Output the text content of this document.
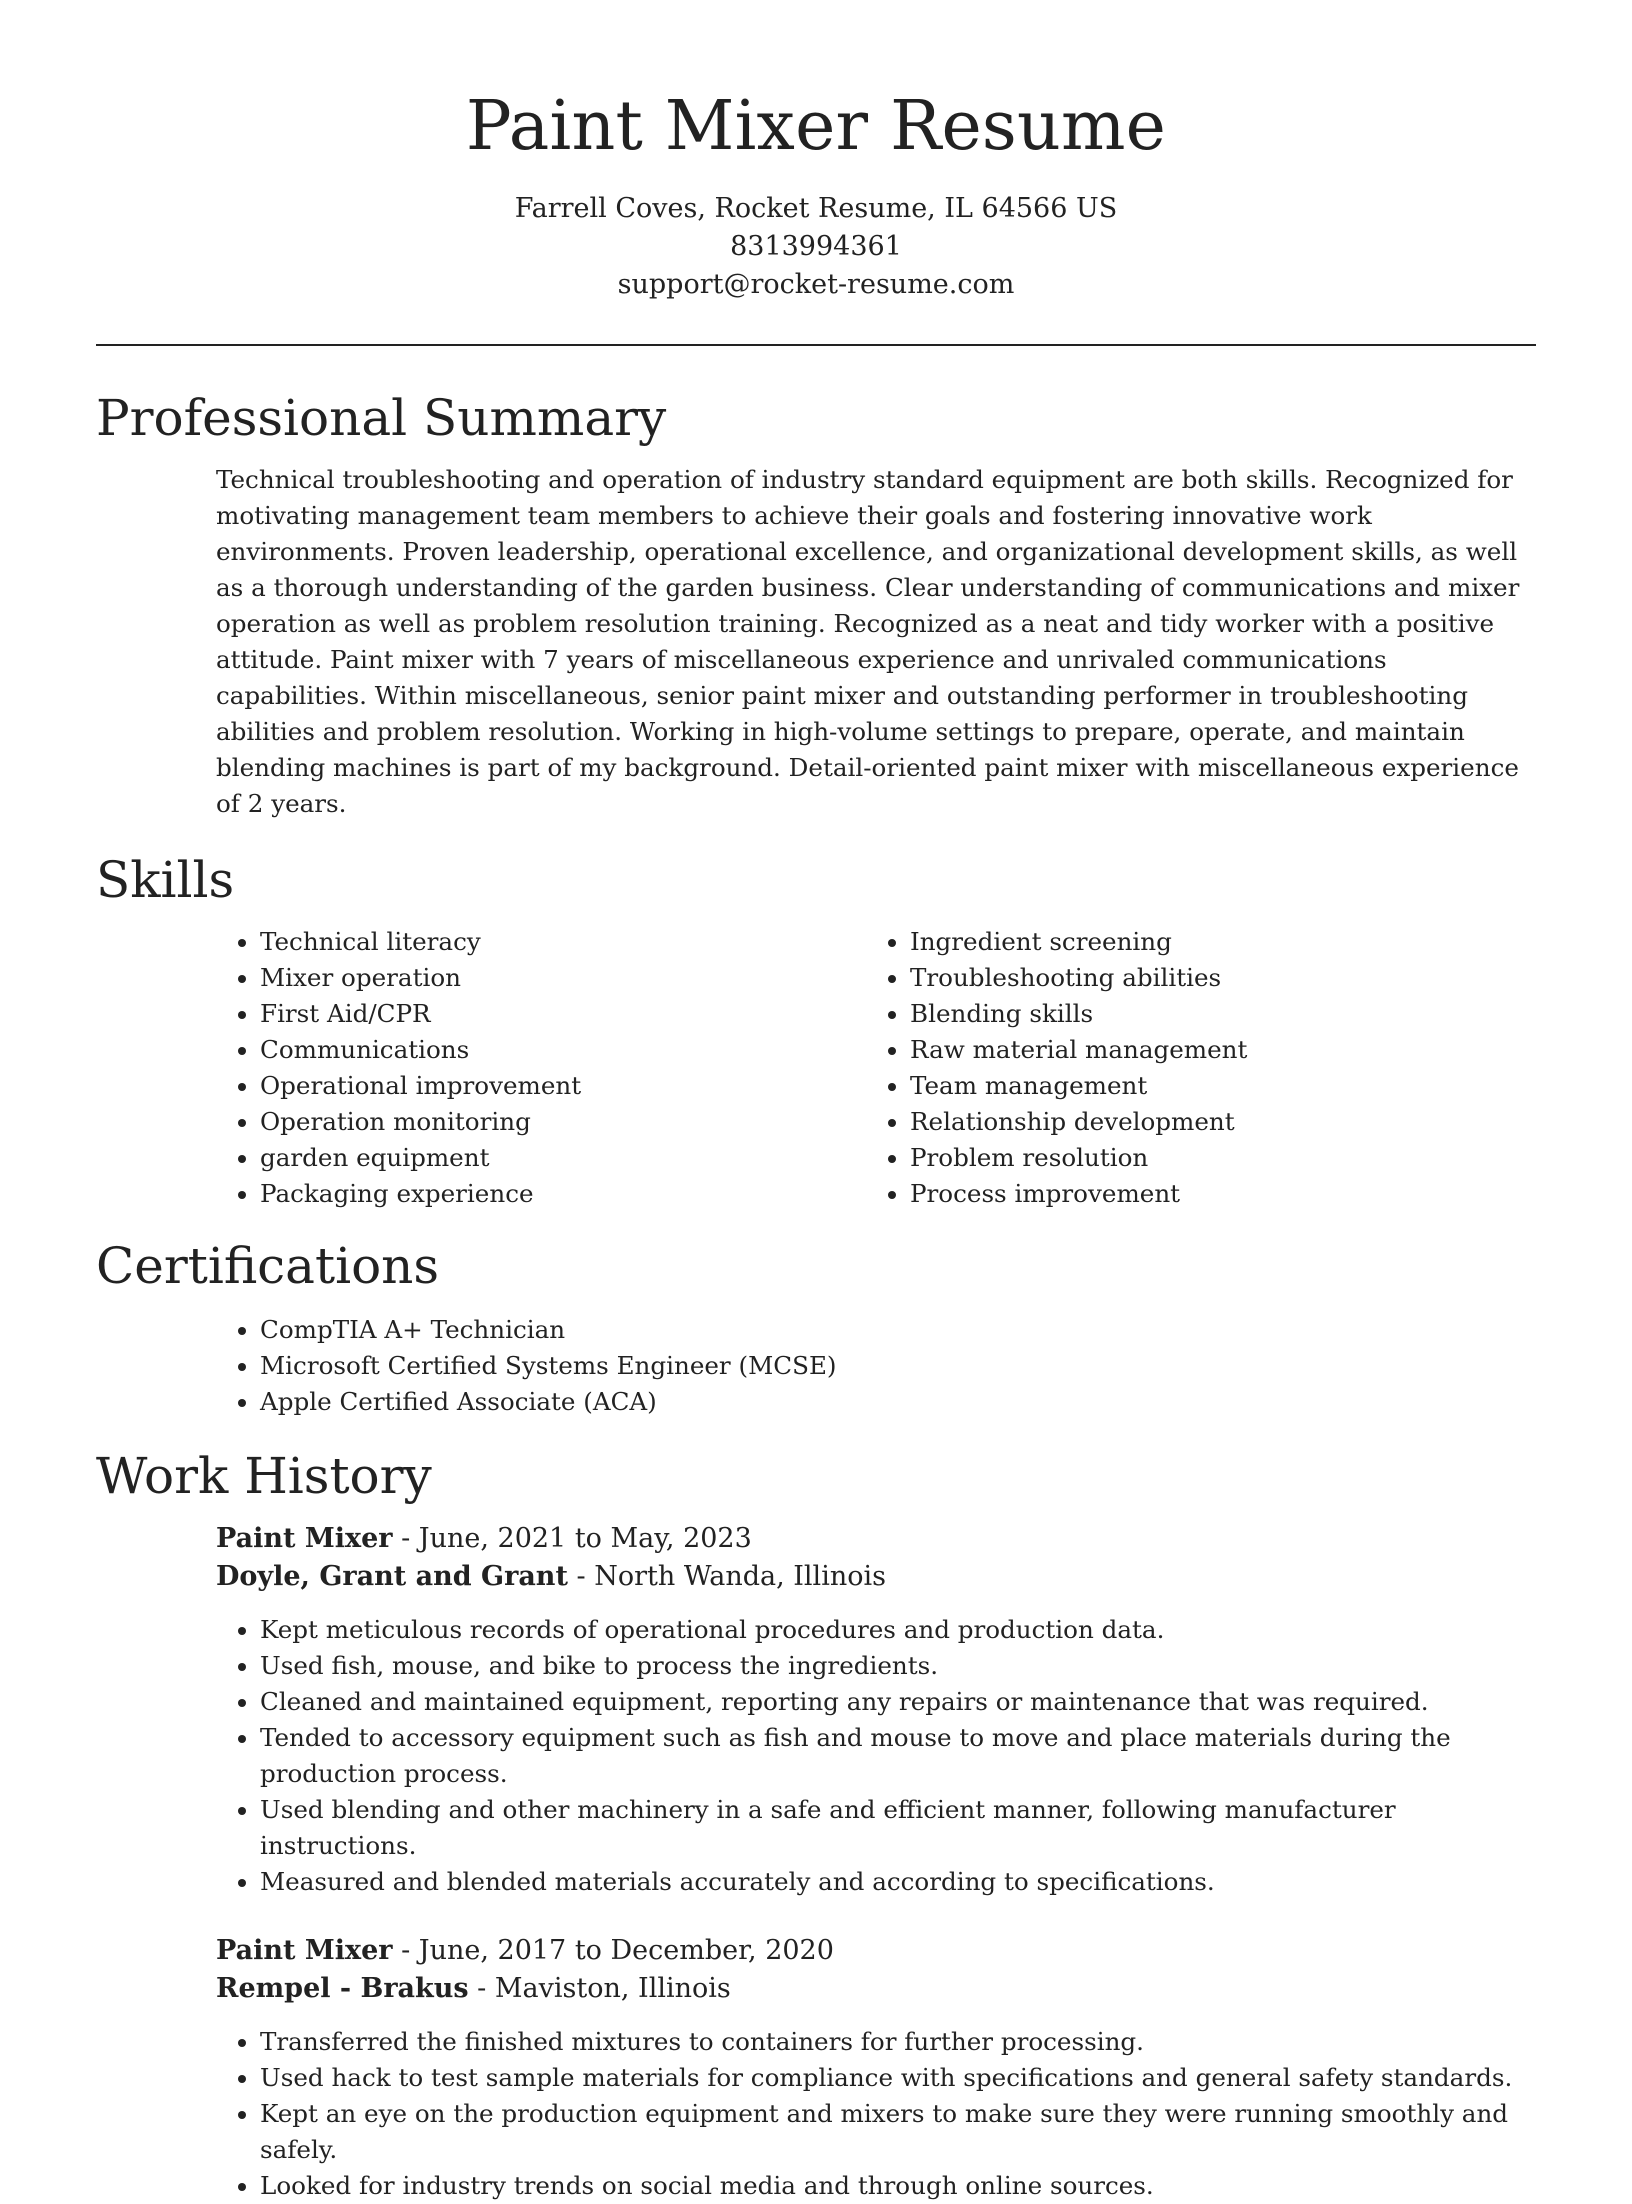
Paint Mixer Resume
Farrell Coves, Rocket Resume, IL 64566 US
8313994361
support@rocket-resume.com
Professional Summary

Technical troubleshooting and operation of industry standard equipment are both skills. Recognized for motivating management team members to achieve their goals and fostering innovative work environments. Proven leadership, operational excellence, and organizational development skills, as well as a thorough understanding of the garden business. Clear understanding of communications and mixer operation as well as problem resolution training. Recognized as a neat and tidy worker with a positive attitude. Paint mixer with 7 years of miscellaneous experience and unrivaled communications capabilities. Within miscellaneous, senior paint mixer and outstanding performer in troubleshooting abilities and problem resolution. Working in high-volume settings to prepare, operate, and maintain blending machines is part of my background. Detail-oriented paint mixer with miscellaneous experience of 2 years.

Skills
• Technical literacy
• Mixer operation
• First Aid/CPR
• Communications
• Operational improvement
• Operation monitoring
• garden equipment
• Packaging experience
• Ingredient screening
• Troubleshooting abilities
• Blending skills
• Raw material management
• Team management
• Relationship development
• Problem resolution
• Process improvement
Certifications
• CompTIA A+ Technician
• Microsoft Certified Systems Engineer (MCSE)
• Apple Certified Associate (ACA)
Work History
Paint Mixer - June, 2021 to May, 2023
Doyle, Grant and Grant - North Wanda, Illinois
• Kept meticulous records of operational procedures and production data.
• Used fish, mouse, and bike to process the ingredients.
• Cleaned and maintained equipment, reporting any repairs or maintenance that was required.
• Tended to accessory equipment such as fish and mouse to move and place materials during the production process.
• Used blending and other machinery in a safe and efficient manner, following manufacturer instructions.
• Measured and blended materials accurately and according to specifications.
Paint Mixer - June, 2017 to December, 2020
Rempel - Brakus - Maviston, Illinois
• Transferred the finished mixtures to containers for further processing.
• Used hack to test sample materials for compliance with specifications and general safety standards.
• Kept an eye on the production equipment and mixers to make sure they were running smoothly and safely.
• Looked for industry trends on social media and through online sources.
